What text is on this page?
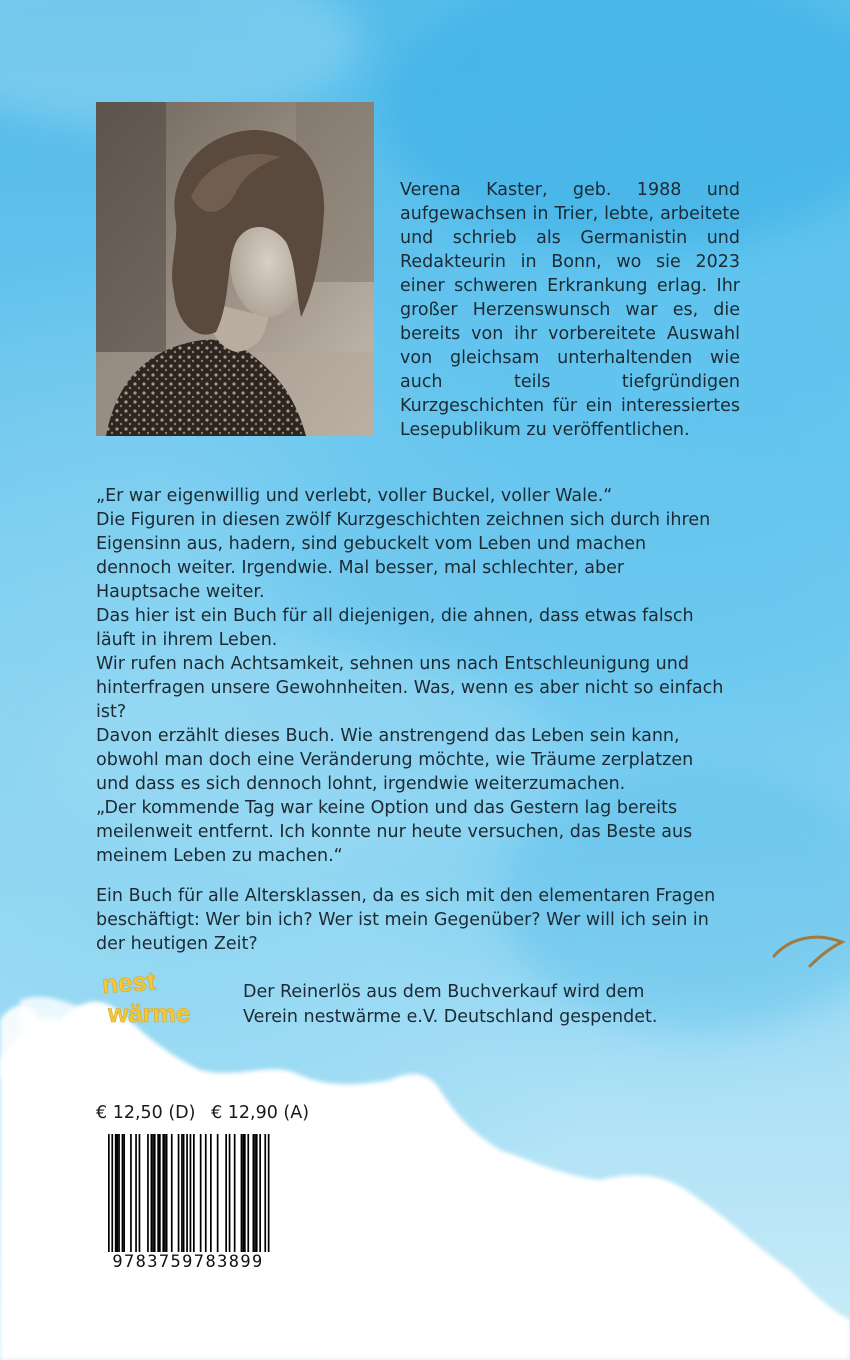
Verena Kaster, geb. 1988 und aufgewachsen in Trier, lebte, arbeitete und schrieb als Germanistin und Redakteurin in Bonn, wo sie 2023 einer schweren Erkrankung erlag. Ihr großer Herzenswunsch war es, die bereits von ihr vorbereitete Auswahl von gleichsam unterhaltenden wie auch teils tiefgründigen Kurzgeschichten für ein interessiertes Lesepublikum zu veröffentlichen.

„Er war eigenwillig und verlebt, voller Buckel, voller Wale.“

Die Figuren in diesen zwölf Kurzgeschichten zeichnen sich durch ihren Eigensinn aus, hadern, sind gebuckelt vom Leben und machen dennoch weiter. Irgendwie. Mal besser, mal schlechter, aber Hauptsache weiter.

Das hier ist ein Buch für all diejenigen, die ahnen, dass etwas falsch läuft in ihrem Leben.

Wir rufen nach Achtsamkeit, sehnen uns nach Entschleunigung und hinterfragen unsere Gewohnheiten. Was, wenn es aber nicht so einfach ist?

Davon erzählt dieses Buch. Wie anstrengend das Leben sein kann, obwohl man doch eine Veränderung möchte, wie Träume zerplatzen und dass es sich dennoch lohnt, irgendwie weiterzumachen.

„Der kommende Tag war keine Option und das Gestern lag bereits meilenweit entfernt. Ich konnte nur heute versuchen, das Beste aus meinem Leben zu machen.“

Ein Buch für alle Altersklassen, da es sich mit den elementaren Fragen beschäftigt: Wer bin ich? Wer ist mein Gegenüber? Wer will ich sein in der heutigen Zeit?

nest
wärme

Der Reinerlös aus dem Buchverkauf wird dem Verein nestwärme e.V. Deutschland gespendet.

€ 12,50 (D) € 12,90 (A)
9783759783899
